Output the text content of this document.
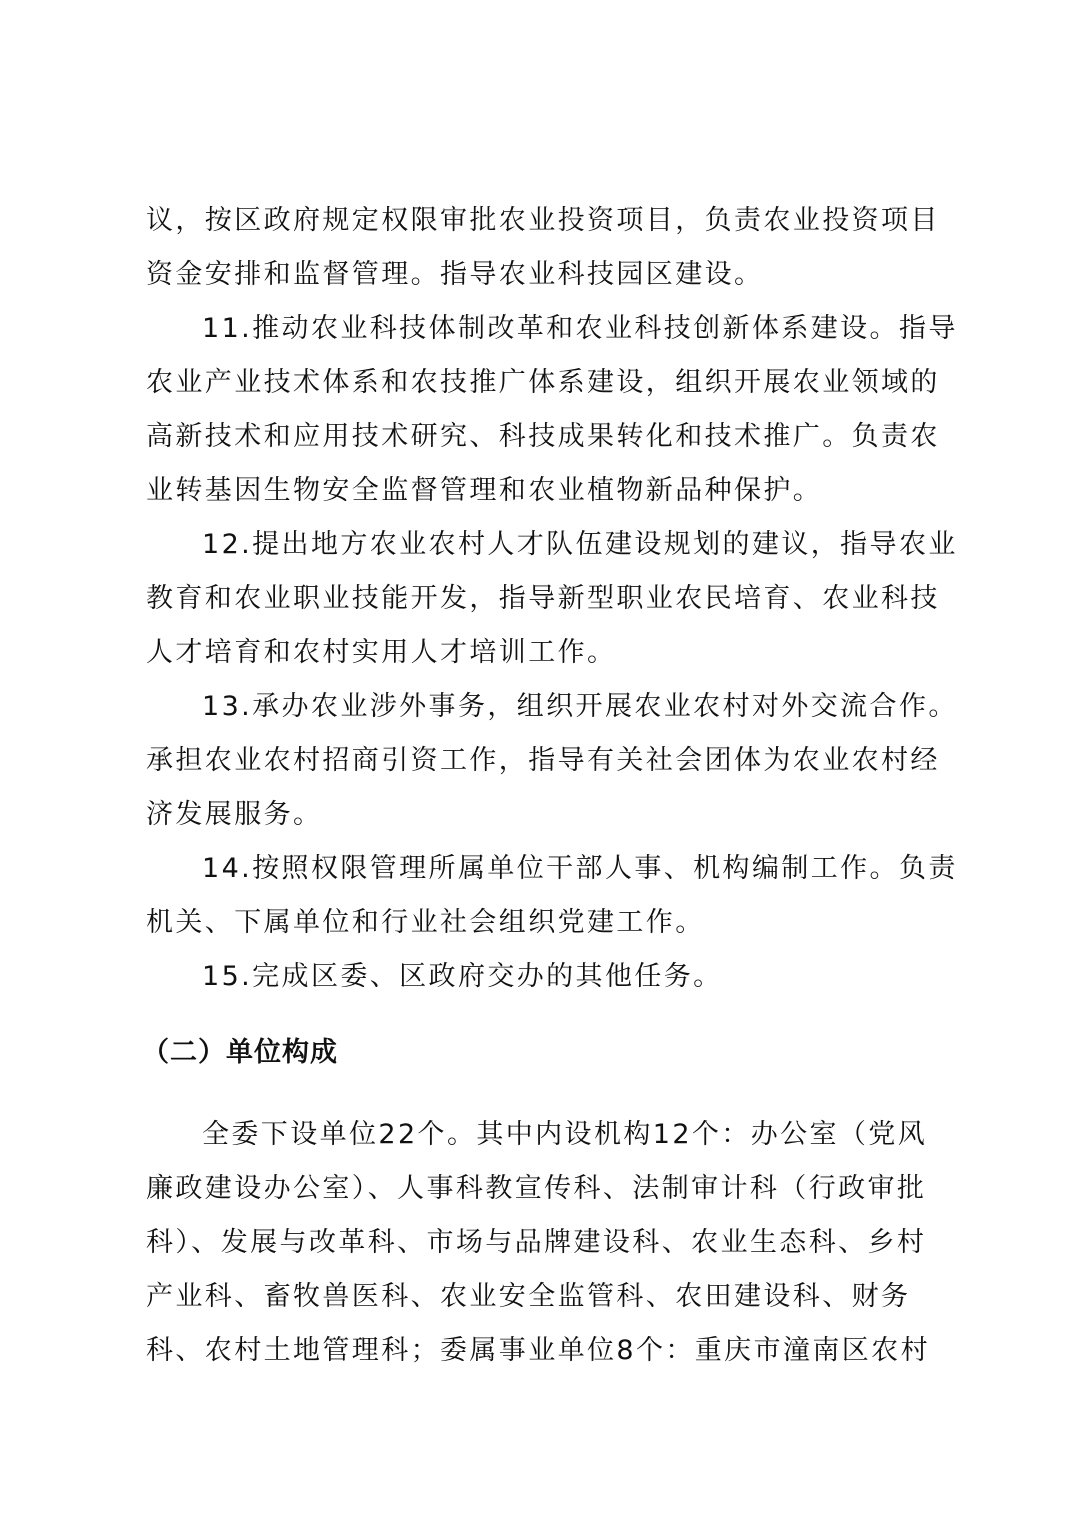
议，按区政府规定权限审批农业投资项目，负责农业投资项目
资金安排和监督管理。指导农业科技园区建设。
11.推动农业科技体制改革和农业科技创新体系建设。指导
农业产业技术体系和农技推广体系建设，组织开展农业领域的
高新技术和应用技术研究、科技成果转化和技术推广。负责农
业转基因生物安全监督管理和农业植物新品种保护。
12.提出地方农业农村人才队伍建设规划的建议，指导农业
教育和农业职业技能开发，指导新型职业农民培育、农业科技
人才培育和农村实用人才培训工作。
13.承办农业涉外事务，组织开展农业农村对外交流合作。
承担农业农村招商引资工作，指导有关社会团体为农业农村经
济发展服务。
14.按照权限管理所属单位干部人事、机构编制工作。负责
机关、下属单位和行业社会组织党建工作。
15.完成区委、区政府交办的其他任务。
（二）单位构成
全委下设单位22个。其中内设机构12个：办公室（党风
廉政建设办公室）、人事科教宣传科、法制审计科（行政审批
科）、发展与改革科、市场与品牌建设科、农业生态科、乡村
产业科、畜牧兽医科、农业安全监管科、农田建设科、财务
科、农村土地管理科；委属事业单位8个：重庆市潼南区农村
